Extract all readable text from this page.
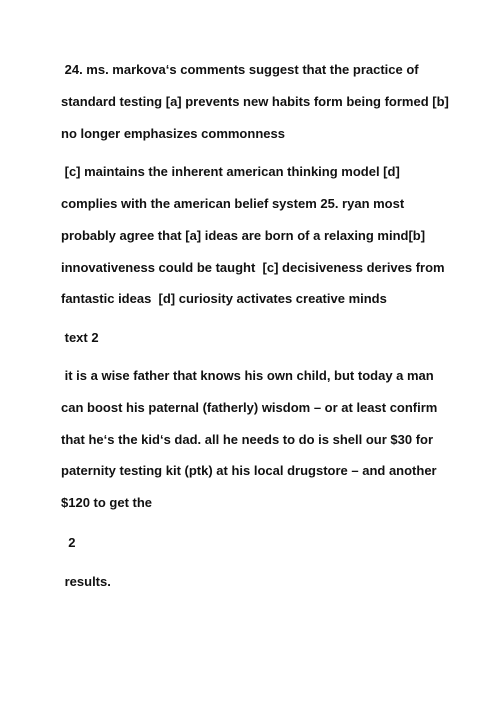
24. ms. markova‘s comments suggest that the practice of
standard testing [a] prevents new habits form being formed [b]
no longer emphasizes commonness
[c] maintains the inherent american thinking model [d]
complies with the american belief system 25. ryan most
probably agree that [a] ideas are born of a relaxing mind[b]
innovativeness could be taught  [c] decisiveness derives from
fantastic ideas  [d] curiosity activates creative minds
text 2
it is a wise father that knows his own child, but today a man
can boost his paternal (fatherly) wisdom – or at least confirm
that he‘s the kid‘s dad. all he needs to do is shell our $30 for
paternity testing kit (ptk) at his local drugstore – and another
$120 to get the
2
results.
